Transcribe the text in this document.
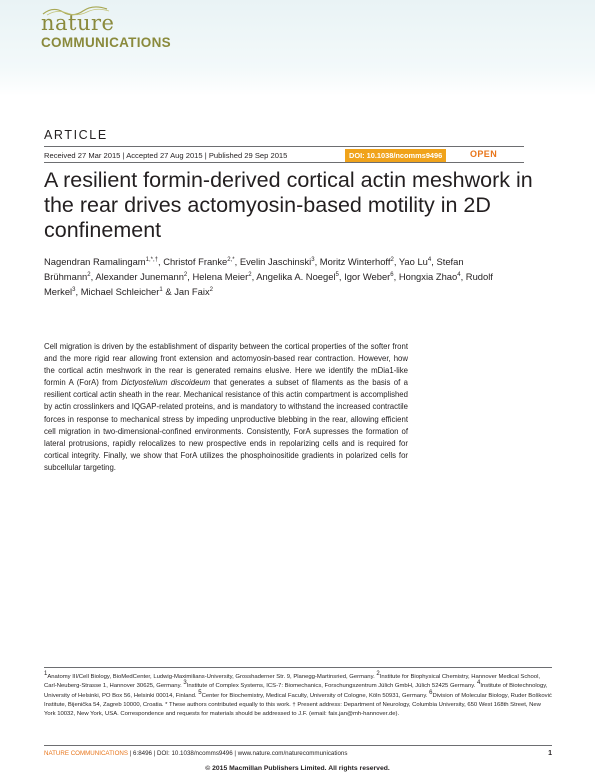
nature
COMMUNICATIONS
ARTICLE
Received 27 Mar 2015 | Accepted 27 Aug 2015 | Published 29 Sep 2015	DOI: 10.1038/ncomms9496	OPEN
A resilient formin-derived cortical actin meshwork in the rear drives actomyosin-based motility in 2D confinement
Nagendran Ramalingam$^{1,*,\dagger}$, Christof Franke$^{2,*}$, Evelin Jaschinski$^3$, Moritz Winterhoff$^2$, Yao Lu$^4$, Stefan Brühmann$^2$, Alexander Junemann$^2$, Helena Meier$^2$, Angelika A. Noegel$^5$, Igor Weber$^6$, Hongxia Zhao$^4$, Rudolf Merkel$^3$, Michael Schleicher$^1$ & Jan Faix$^2$

Cell migration is driven by the establishment of disparity between the cortical properties of the softer front and the more rigid rear allowing front extension and actomyosin-based rear contraction. However, how the cortical actin meshwork in the rear is generated remains elusive. Here we identify the mDia1-like formin A (ForA) from Dictyostelium discoideum that generates a subset of filaments as the basis of a resilient cortical actin sheath in the rear. Mechanical resistance of this actin compartment is accomplished by actin crosslinkers and IQGAP-related proteins, and is mandatory to withstand the increased contractile forces in response to mechanical stress by impeding unproductive blebbing in the rear, allowing efficient cell migration in two-dimensional-confined environments. Consistently, ForA supresses the formation of lateral protrusions, rapidly relocalizes to new prospective ends in repolarizing cells and is required for cortical integrity. Finally, we show that ForA utilizes the phosphoinositide gradients in polarized cells for subcellular targeting.

$^1$Anatomy III/Cell Biology, BioMedCenter, Ludwig-Maximilians-University, Grosshaderner Str. 9, Planegg-Martinsried, Germany. $^2$Institute for Biophysical Chemistry, Hannover Medical School, Carl-Neuberg-Strasse 1, Hannover 30625, Germany. $^3$Institute of Complex Systems, ICS-7: Biomechanics, Forschungszentrum Jülich GmbH, Jülich 52425 Germany. $^4$Institute of Biotechnology, University of Helsinki, PO Box 56, Helsinki 00014, Finland. $^5$Center for Biochemistry, Medical Faculty, University of Cologne, Köln 50931, Germany. $^6$Division of Molecular Biology, Ruder Bošković Institute, Bijenička 54, Zagreb 10000, Croatia. * These authors contributed equally to this work. † Present address: Department of Neurology, Columbia University, 650 West 168th Street, New York 10032, New York, USA. Correspondence and requests for materials should be addressed to J.F. (email: faix.jan@mh-hannover.de).

NATURE COMMUNICATIONS | 6:8496 | DOI: 10.1038/ncomms9496 | www.nature.com/naturecommunications	1
© 2015 Macmillan Publishers Limited. All rights reserved.
